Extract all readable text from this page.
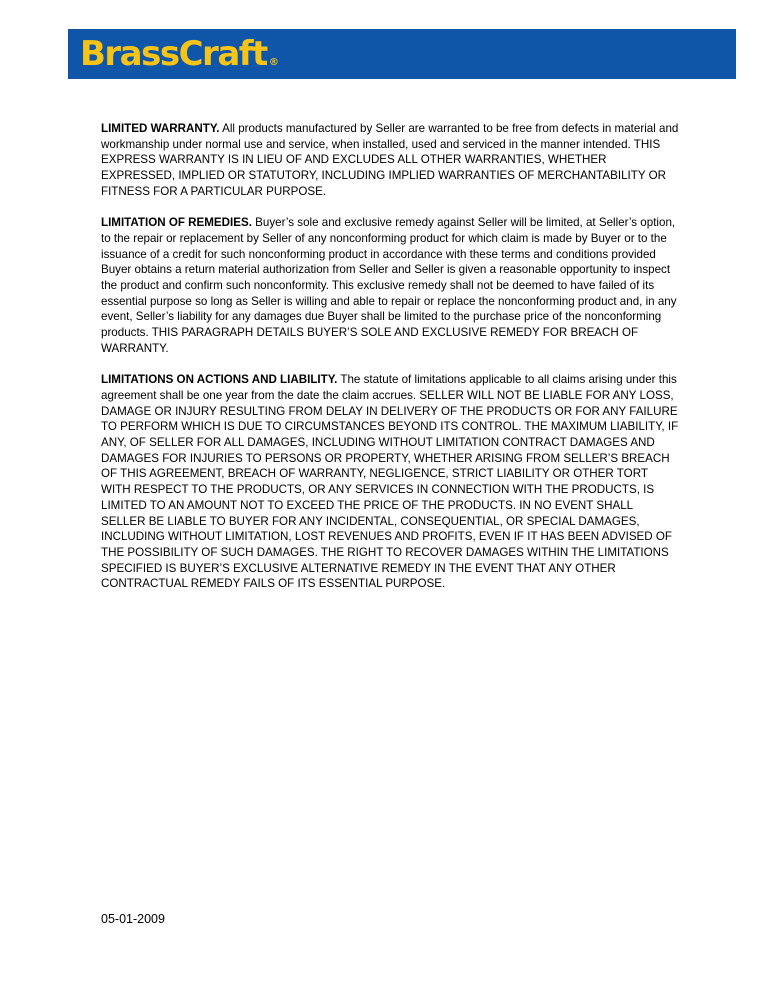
BrassCraft ®

LIMITED WARRANTY. All products manufactured by Seller are warranted to be free from defects in material and workmanship under normal use and service, when installed, used and serviced in the manner intended. THIS EXPRESS WARRANTY IS IN LIEU OF AND EXCLUDES ALL OTHER WARRANTIES, WHETHER EXPRESSED, IMPLIED OR STATUTORY, INCLUDING IMPLIED WARRANTIES OF MERCHANTABILITY OR FITNESS FOR A PARTICULAR PURPOSE.

LIMITATION OF REMEDIES. Buyer’s sole and exclusive remedy against Seller will be limited, at Seller’s option, to the repair or replacement by Seller of any nonconforming product for which claim is made by Buyer or to the issuance of a credit for such nonconforming product in accordance with these terms and conditions provided Buyer obtains a return material authorization from Seller and Seller is given a reasonable opportunity to inspect the product and confirm such nonconformity. This exclusive remedy shall not be deemed to have failed of its essential purpose so long as Seller is willing and able to repair or replace the nonconforming product and, in any event, Seller’s liability for any damages due Buyer shall be limited to the purchase price of the nonconforming products. THIS PARAGRAPH DETAILS BUYER’S SOLE AND EXCLUSIVE REMEDY FOR BREACH OF WARRANTY.

LIMITATIONS ON ACTIONS AND LIABILITY. The statute of limitations applicable to all claims arising under this agreement shall be one year from the date the claim accrues. SELLER WILL NOT BE LIABLE FOR ANY LOSS, DAMAGE OR INJURY RESULTING FROM DELAY IN DELIVERY OF THE PRODUCTS OR FOR ANY FAILURE TO PERFORM WHICH IS DUE TO CIRCUMSTANCES BEYOND ITS CONTROL. THE MAXIMUM LIABILITY, IF ANY, OF SELLER FOR ALL DAMAGES, INCLUDING WITHOUT LIMITATION CONTRACT DAMAGES AND DAMAGES FOR INJURIES TO PERSONS OR PROPERTY, WHETHER ARISING FROM SELLER’S BREACH OF THIS AGREEMENT, BREACH OF WARRANTY, NEGLIGENCE, STRICT LIABILITY OR OTHER TORT WITH RESPECT TO THE PRODUCTS, OR ANY SERVICES IN CONNECTION WITH THE PRODUCTS, IS LIMITED TO AN AMOUNT NOT TO EXCEED THE PRICE OF THE PRODUCTS. IN NO EVENT SHALL SELLER BE LIABLE TO BUYER FOR ANY INCIDENTAL, CONSEQUENTIAL, OR SPECIAL DAMAGES, INCLUDING WITHOUT LIMITATION, LOST REVENUES AND PROFITS, EVEN IF IT HAS BEEN ADVISED OF THE POSSIBILITY OF SUCH DAMAGES. THE RIGHT TO RECOVER DAMAGES WITHIN THE LIMITATIONS SPECIFIED IS BUYER’S EXCLUSIVE ALTERNATIVE REMEDY IN THE EVENT THAT ANY OTHER CONTRACTUAL REMEDY FAILS OF ITS ESSENTIAL PURPOSE.

05-01-2009
